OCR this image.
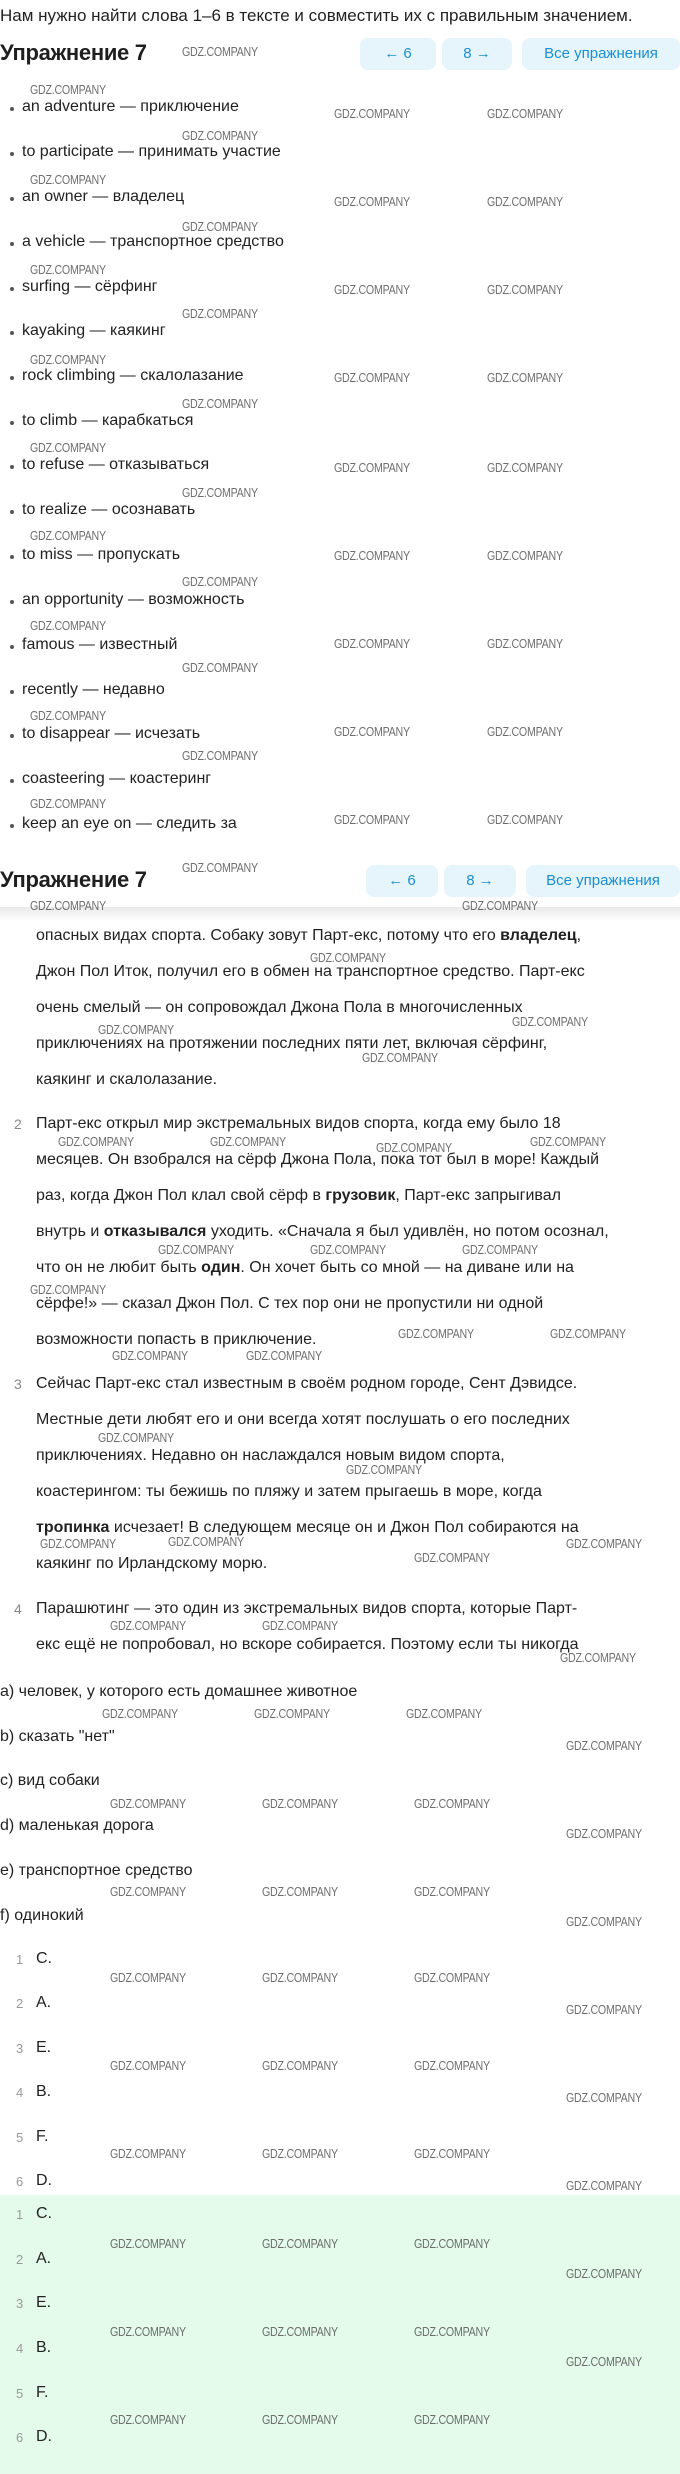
Нам нужно найти слова 1–6 в тексте и совместить их с правильным значением.
Упражнение 7	← 6	8 →	Все упражнения
an adventure — приключение
to participate — принимать участие
an owner — владелец
a vehicle — транспортное средство
surfing — сёрфинг
kayaking — каякинг
rock climbing — скалолазание
to climb — карабкаться
to refuse — отказываться
to realize — осознавать
to miss — пропускать
an opportunity — возможность
famous — известный
recently — недавно
to disappear — исчезать
coasteering — коастеринг
keep an eye on — следить за
Упражнение 7	← 6	8 →	Все упражнения
опасных видах спорта. Собаку зовут Парт-екс, потому что его владелец,
Джон Пол Иток, получил его в обмен на транспортное средство. Парт-екс
очень смелый — он сопровождал Джона Пола в многочисленных
приключениях на протяжении последних пяти лет, включая сёрфинг,
каякинг и скалолазание.
2 Парт-екс открыл мир экстремальных видов спорта, когда ему было 18
месяцев. Он взобрался на сёрф Джона Пола, пока тот был в море! Каждый
раз, когда Джон Пол клал свой сёрф в грузовик, Парт-екс запрыгивал
внутрь и отказывался уходить. «Сначала я был удивлён, но потом осознал,
что он не любит быть один. Он хочет быть со мной — на диване или на
сёрфе!» — сказал Джон Пол. С тех пор они не пропустили ни одной
возможности попасть в приключение.
3 Сейчас Парт-екс стал известным в своём родном городе, Сент Дэвидсе.
Местные дети любят его и они всегда хотят послушать о его последних
приключениях. Недавно он наслаждался новым видом спорта,
коастерингом: ты бежишь по пляжу и затем прыгаешь в море, когда
тропинка исчезает! В следующем месяце он и Джон Пол собираются на
каякинг по Ирландскому морю.
4 Парашютинг — это один из экстремальных видов спорта, которые Парт-
екс ещё не попробовал, но вскоре собирается. Поэтому если ты никогда
a) человек, у которого есть домашнее животное
b) сказать "нет"
c) вид собаки
d) маленькая дорога
e) транспортное средство
f) одинокий
1 C.
2 A.
3 E.
4 B.
5 F.
6 D.
1 C.
2 A.
3 E.
4 B.
5 F.
6 D.
GDZ.COMPANY
GDZ.COMPANY
GDZ.COMPANY
GDZ.COMPANY
GDZ.COMPANY
GDZ.COMPANY
GDZ.COMPANY
GDZ.COMPANY
GDZ.COMPANY
GDZ.COMPANY
GDZ.COMPANY
GDZ.COMPANY
GDZ.COMPANY
GDZ.COMPANY
GDZ.COMPANY
GDZ.COMPANY
GDZ.COMPANY
GDZ.COMPANY
GDZ.COMPANY	GDZ.COMPANY
GDZ.COMPANY	GDZ.COMPANY
GDZ.COMPANY	GDZ.COMPANY
GDZ.COMPANY	GDZ.COMPANY
GDZ.COMPANY	GDZ.COMPANY
GDZ.COMPANY	GDZ.COMPANY
GDZ.COMPANY	GDZ.COMPANY
GDZ.COMPANY	GDZ.COMPANY
GDZ.COMPANY	GDZ.COMPANY
GDZ.COMPANY
GDZ.COMPANY	GDZ.COMPANY
GDZ.COMPANY
GDZ.COMPANY
GDZ.COMPANY
GDZ.COMPANY
GDZ.COMPANY	GDZ.COMPANY	GDZ.COMPANY	GDZ.COMPANY
GDZ.COMPANY	GDZ.COMPANY	GDZ.COMPANY
GDZ.COMPANY
GDZ.COMPANY	GDZ.COMPANY
GDZ.COMPANY	GDZ.COMPANY
GDZ.COMPANY
GDZ.COMPANY
GDZ.COMPANY	GDZ.COMPANY	GDZ.COMPANY
GDZ.COMPANY
GDZ.COMPANY	GDZ.COMPANY
GDZ.COMPANY
GDZ.COMPANY	GDZ.COMPANY	GDZ.COMPANY
GDZ.COMPANY
GDZ.COMPANY	GDZ.COMPANY	GDZ.COMPANY
GDZ.COMPANY
GDZ.COMPANY	GDZ.COMPANY	GDZ.COMPANY
GDZ.COMPANY
GDZ.COMPANY	GDZ.COMPANY	GDZ.COMPANY
GDZ.COMPANY
GDZ.COMPANY	GDZ.COMPANY	GDZ.COMPANY
GDZ.COMPANY
GDZ.COMPANY	GDZ.COMPANY	GDZ.COMPANY
GDZ.COMPANY
GDZ.COMPANY	GDZ.COMPANY	GDZ.COMPANY
GDZ.COMPANY
GDZ.COMPANY	GDZ.COMPANY	GDZ.COMPANY
GDZ.COMPANY
GDZ.COMPANY	GDZ.COMPANY	GDZ.COMPANY
